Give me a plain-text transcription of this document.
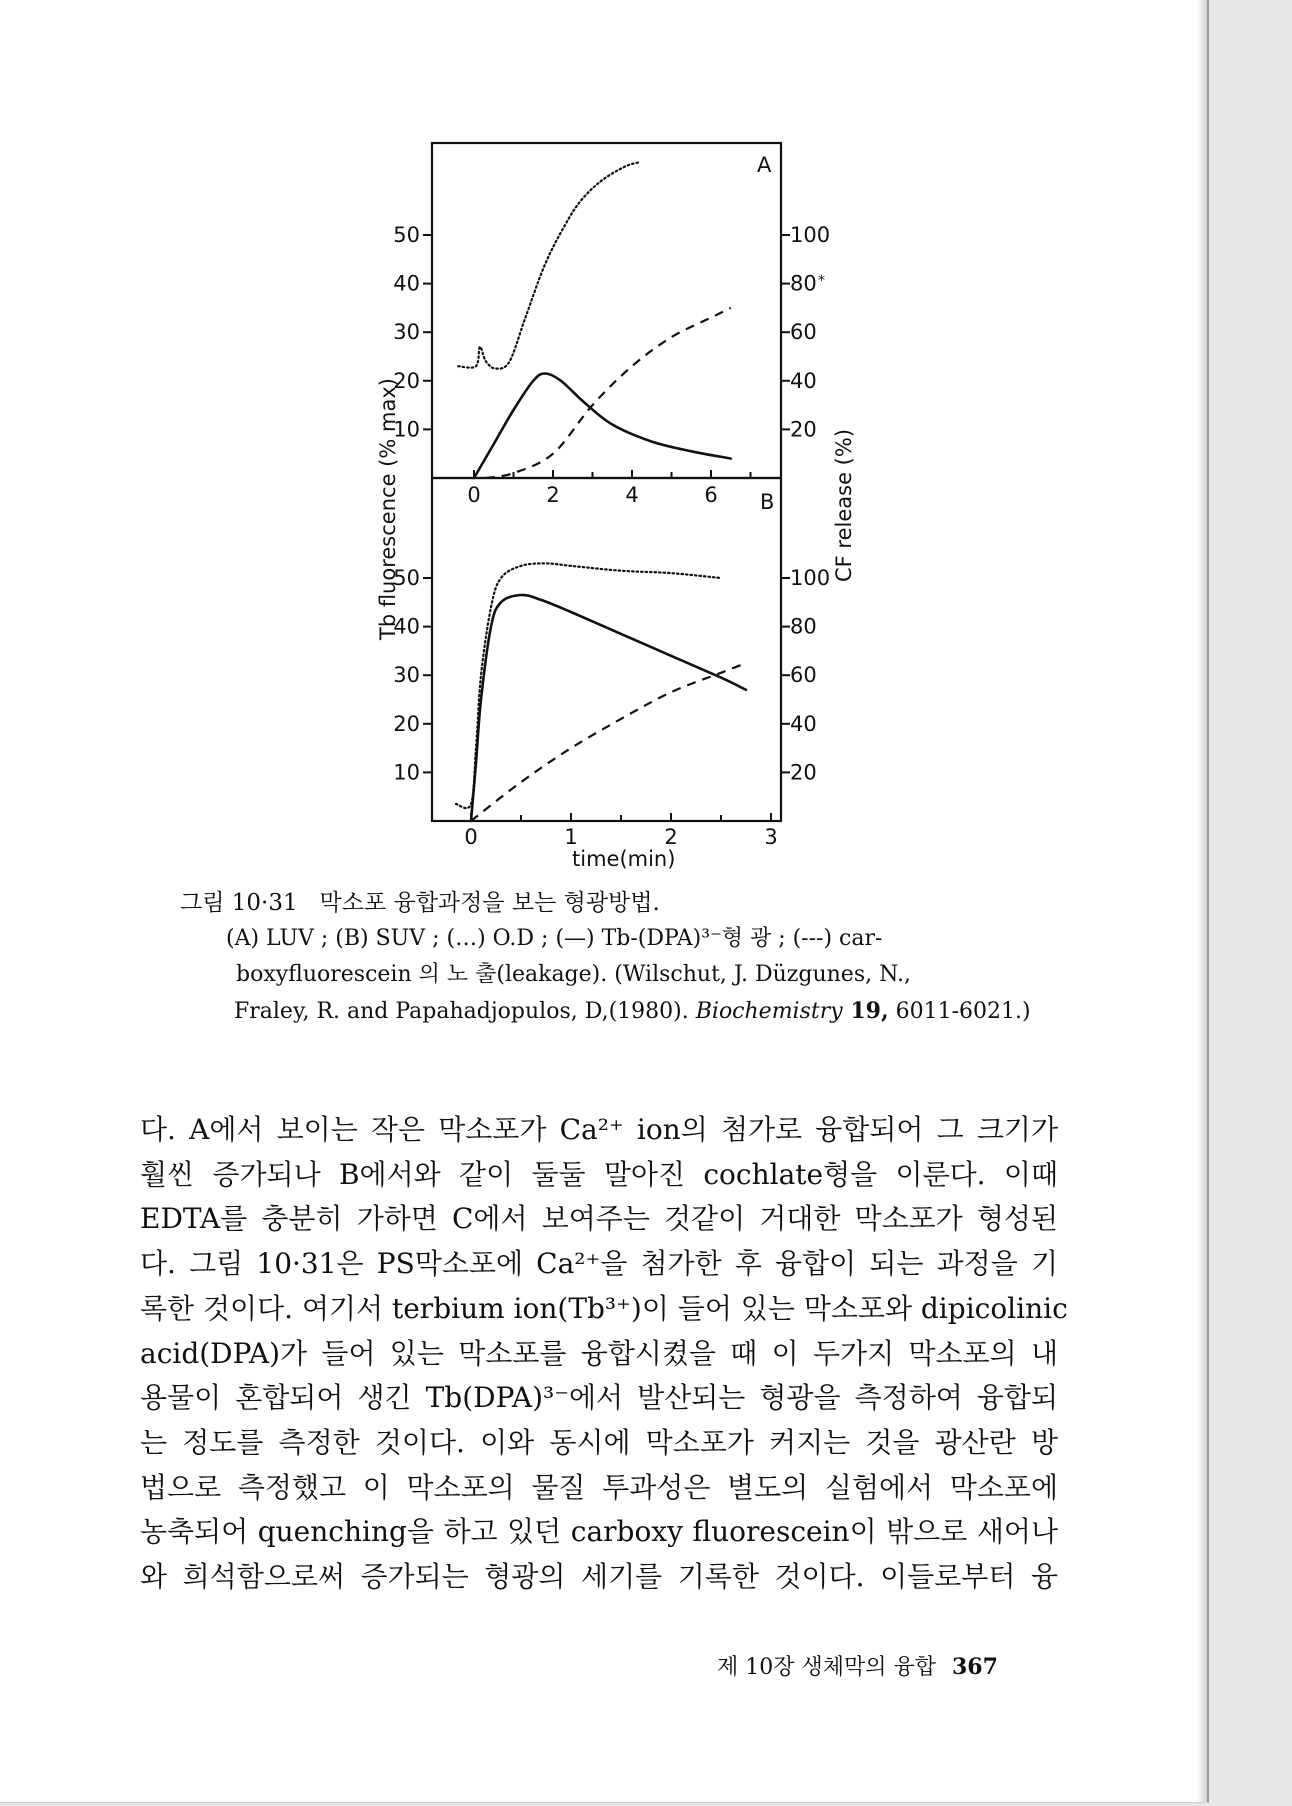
A
B
50
40
30
20
10
100
80
60
40
20
50
40
30
20
10
100
80
60
40
20
0	2	4	6
0	1	2	3
Tb fluorescence (% max)	CF release (%)
time(min)
*
그림 10·31 막소포 융합과정을 보는 형광방법.
(A) LUV ; (B) SUV ; (…) O.D ; (—) Tb-(DPA)³⁻형 광 ; (---) car-
boxyfluorescein 의 노 출(leakage). (Wilschut, J. Düzgunes, N.,
Fraley, R. and Papahadjopulos, D,(1980). Biochemistry 19, 6011-6021.)
다. A에서 보이는 작은 막소포가 Ca²⁺ ion의 첨가로 융합되어 그 크기가
훨씬 증가되나 B에서와 같이 둘둘 말아진 cochlate형을 이룬다. 이때
EDTA를 충분히 가하면 C에서 보여주는 것같이 거대한 막소포가 형성된
다. 그림 10·31은 PS막소포에 Ca²⁺을 첨가한 후 융합이 되는 과정을 기
록한 것이다. 여기서 terbium ion(Tb³⁺)이 들어 있는 막소포와 dipicolinic
acid(DPA)가 들어 있는 막소포를 융합시켰을 때 이 두가지 막소포의 내
용물이 혼합되어 생긴 Tb(DPA)³⁻에서 발산되는 형광을 측정하여 융합되
는 정도를 측정한 것이다. 이와 동시에 막소포가 커지는 것을 광산란 방
법으로 측정했고 이 막소포의 물질 투과성은 별도의 실험에서 막소포에
농축되어 quenching을 하고 있던 carboxy fluorescein이 밖으로 새어나
와 희석함으로써 증가되는 형광의 세기를 기록한 것이다. 이들로부터 융
제 10장 생체막의 융합 367
